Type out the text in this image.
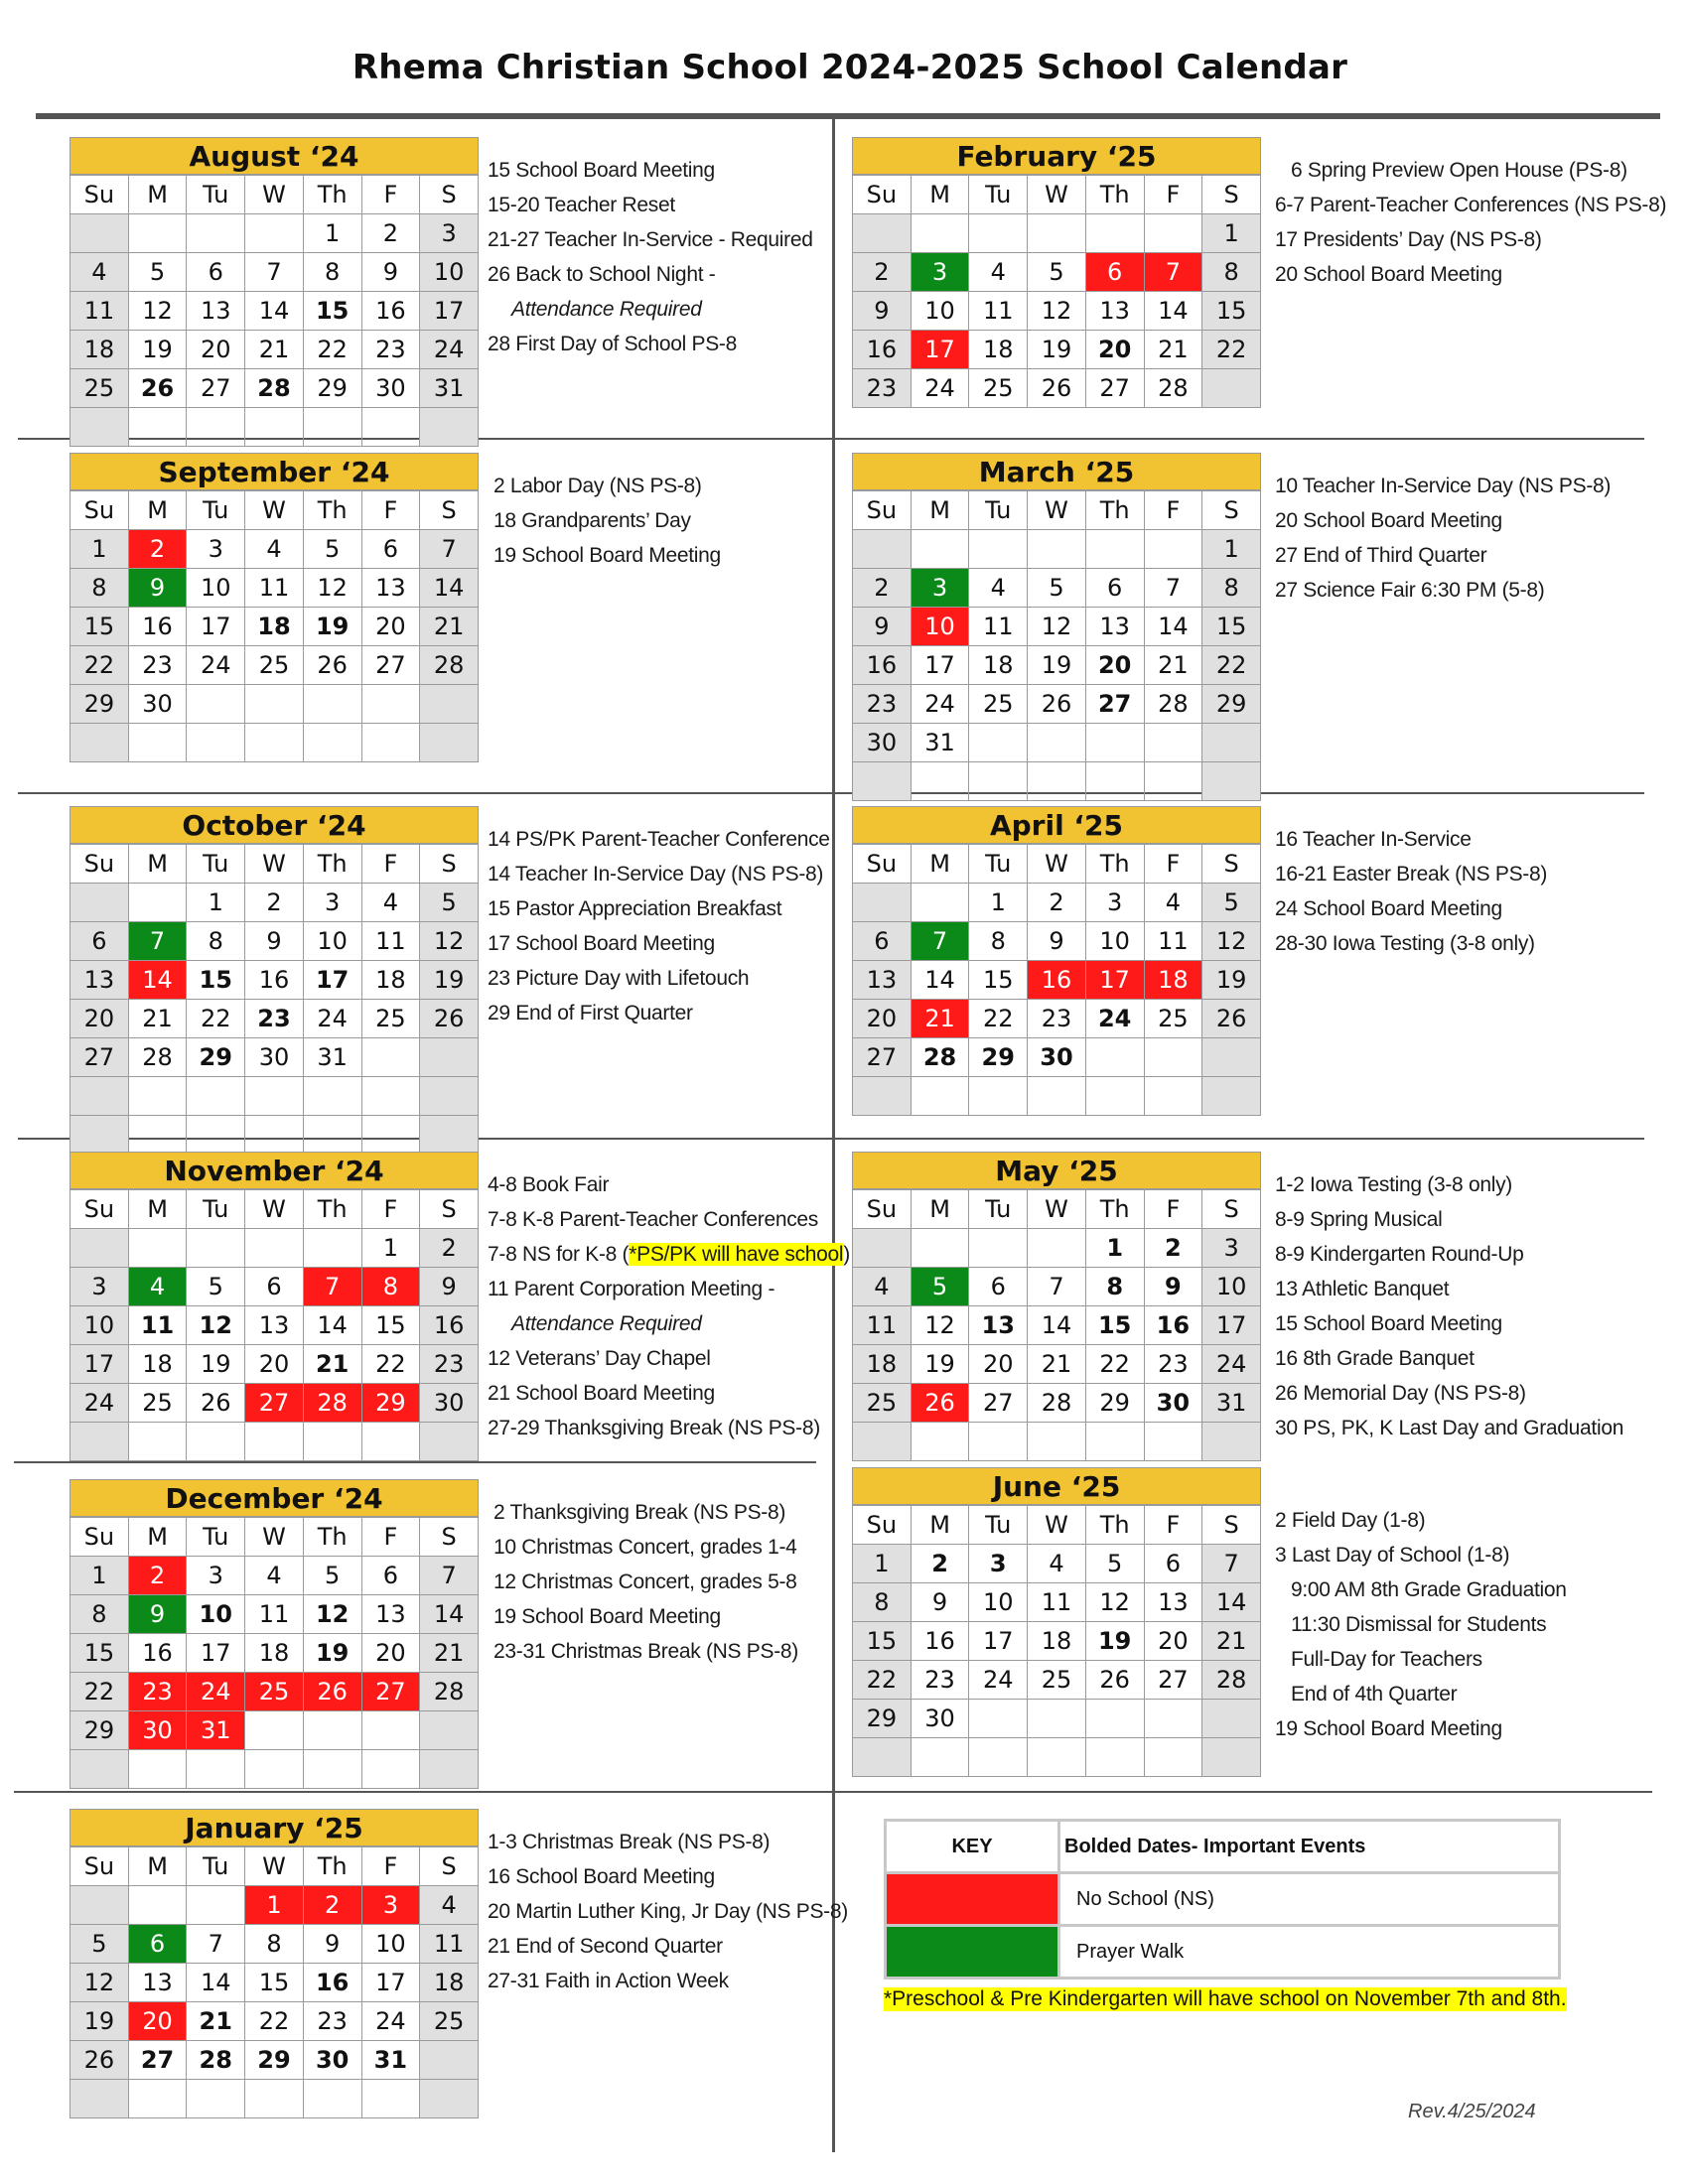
Rhema Christian School 2024-2025 School Calendar
August ‘24
Su	M	Tu	W	Th	F	S
				1	2	3
4	5	6	7	8	9	10
11	12	13	14	15	16	17
18	19	20	21	22	23	24
25	26	27	28	29	30	31

15 School Board Meeting
15-20 Teacher Reset
21-27 Teacher In-Service - Required
26 Back to School Night -
Attendance Required
28 First Day of School PS-8
February ‘25
Su	M	Tu	W	Th	F	S
						1
2	3	4	5	6	7	8
9	10	11	12	13	14	15
16	17	18	19	20	21	22
23	24	25	26	27	28	
6 Spring Preview Open House (PS-8)
6-7 Parent-Teacher Conferences (NS PS-8)
17 Presidents’ Day (NS PS-8)
20 School Board Meeting
September ‘24
Su	M	Tu	W	Th	F	S
1	2	3	4	5	6	7
8	9	10	11	12	13	14
15	16	17	18	19	20	21
22	23	24	25	26	27	28
29	30					

2 Labor Day (NS PS-8)
18 Grandparents’ Day
19 School Board Meeting
March ‘25
Su	M	Tu	W	Th	F	S
						1
2	3	4	5	6	7	8
9	10	11	12	13	14	15
16	17	18	19	20	21	22
23	24	25	26	27	28	29
30	31					

10 Teacher In-Service Day (NS PS-8)
20 School Board Meeting
27 End of Third Quarter
27 Science Fair 6:30 PM (5-8)
October ‘24
Su	M	Tu	W	Th	F	S
		1	2	3	4	5
6	7	8	9	10	11	12
13	14	15	16	17	18	19
20	21	22	23	24	25	26
27	28	29	30	31		

14 PS/PK Parent-Teacher Conference
14 Teacher In-Service Day (NS PS-8)
15 Pastor Appreciation Breakfast
17 School Board Meeting
23 Picture Day with Lifetouch
29 End of First Quarter
April ‘25
Su	M	Tu	W	Th	F	S
		1	2	3	4	5
6	7	8	9	10	11	12
13	14	15	16	17	18	19
20	21	22	23	24	25	26
27	28	29	30			

16 Teacher In-Service
16-21 Easter Break (NS PS-8)
24 School Board Meeting
28-30 Iowa Testing (3-8 only)
November ‘24
Su	M	Tu	W	Th	F	S
					1	2
3	4	5	6	7	8	9
10	11	12	13	14	15	16
17	18	19	20	21	22	23
24	25	26	27	28	29	30

4-8 Book Fair
7-8 K-8 Parent-Teacher Conferences
7-8 NS for K-8 (*PS/PK will have school)
11 Parent Corporation Meeting -
Attendance Required
12 Veterans’ Day Chapel
21 School Board Meeting
27-29 Thanksgiving Break (NS PS-8)
May ‘25
Su	M	Tu	W	Th	F	S
				1	2	3
4	5	6	7	8	9	10
11	12	13	14	15	16	17
18	19	20	21	22	23	24
25	26	27	28	29	30	31

1-2 Iowa Testing (3-8 only)
8-9 Spring Musical
8-9 Kindergarten Round-Up
13 Athletic Banquet
15 School Board Meeting
16 8th Grade Banquet
26 Memorial Day (NS PS-8)
30 PS, PK, K Last Day and Graduation
December ‘24
Su	M	Tu	W	Th	F	S
1	2	3	4	5	6	7
8	9	10	11	12	13	14
15	16	17	18	19	20	21
22	23	24	25	26	27	28
29	30	31				

2 Thanksgiving Break (NS PS-8)
10 Christmas Concert, grades 1-4
12 Christmas Concert, grades 5-8
19 School Board Meeting
23-31 Christmas Break (NS PS-8)
June ‘25
Su	M	Tu	W	Th	F	S
1	2	3	4	5	6	7
8	9	10	11	12	13	14
15	16	17	18	19	20	21
22	23	24	25	26	27	28
29	30					

2 Field Day (1-8)
3 Last Day of School (1-8)
9:00 AM 8th Grade Graduation
11:30 Dismissal for Students
Full-Day for Teachers
End of 4th Quarter
19 School Board Meeting
January ‘25
Su	M	Tu	W	Th	F	S
			1	2	3	4
5	6	7	8	9	10	11
12	13	14	15	16	17	18
19	20	21	22	23	24	25
26	27	28	29	30	31	

1-3 Christmas Break (NS PS-8)
16 School Board Meeting
20 Martin Luther King, Jr Day (NS PS-8)
21 End of Second Quarter
27-31 Faith in Action Week
KEY	Bolded Dates- Important Events
	No School (NS)
	Prayer Walk
*Preschool & Pre Kindergarten will have school on November 7th and 8th.
Rev.4/25/2024
